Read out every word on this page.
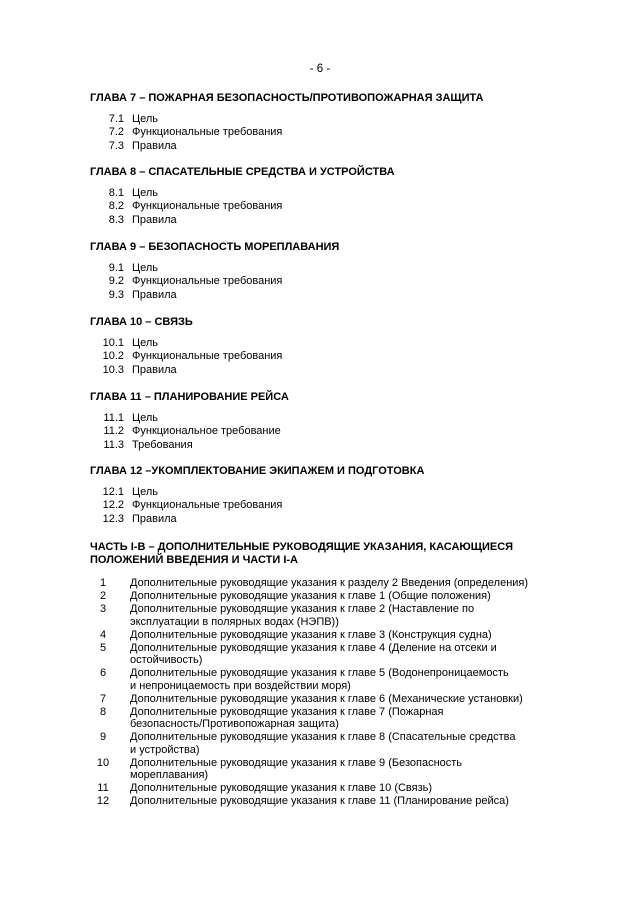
- 6 -
ГЛАВА 7 – ПОЖАРНАЯ БЕЗОПАСНОСТЬ/ПРОТИВОПОЖАРНАЯ ЗАЩИТА
7.1 Цель
7.2 Функциональные требования
7.3 Правила
ГЛАВА 8 – СПАСАТЕЛЬНЫЕ СРЕДСТВА И УСТРОЙСТВА
8.1 Цель
8.2 Функциональные требования
8.3 Правила
ГЛАВА 9 – БЕЗОПАСНОСТЬ МОРЕПЛАВАНИЯ
9.1 Цель
9.2 Функциональные требования
9.3 Правила
ГЛАВА 10 – СВЯЗЬ
10.1 Цель
10.2 Функциональные требования
10.3 Правила
ГЛАВА 11 – ПЛАНИРОВАНИЕ РЕЙСА
11.1 Цель
11.2 Функциональное требование
11.3 Требования
ГЛАВА 12 –УКОМПЛЕКТОВАНИЕ ЭКИПАЖЕМ И ПОДГОТОВКА
12.1 Цель
12.2 Функциональные требования
12.3 Правила
ЧАСТЬ I-B – ДОПОЛНИТЕЛЬНЫЕ РУКОВОДЯЩИЕ УКАЗАНИЯ, КАСАЮЩИЕСЯ
ПОЛОЖЕНИЙ ВВЕДЕНИЯ И ЧАСТИ I-A
1	Дополнительные руководящие указания к разделу 2 Введения (определения)
2	Дополнительные руководящие указания к главе 1 (Общие положения)
3	Дополнительные руководящие указания к главе 2 (Наставление по
эксплуатации в полярных водах (НЭПВ))
4	Дополнительные руководящие указания к главе 3 (Конструкция судна)
5	Дополнительные руководящие указания к главе 4 (Деление на отсеки и
остойчивость)
6	Дополнительные руководящие указания к главе 5 (Водонепроницаемость
и непроницаемость при воздействии моря)
7	Дополнительные руководящие указания к главе 6 (Механические установки)
8	Дополнительные руководящие указания к главе 7 (Пожарная
безопасность/Противопожарная защита)
9	Дополнительные руководящие указания к главе 8 (Спасательные средства
и устройства)
10	Дополнительные руководящие указания к главе 9 (Безопасность
мореплавания)
11	Дополнительные руководящие указания к главе 10 (Связь)
12	Дополнительные руководящие указания к главе 11 (Планирование рейса)
